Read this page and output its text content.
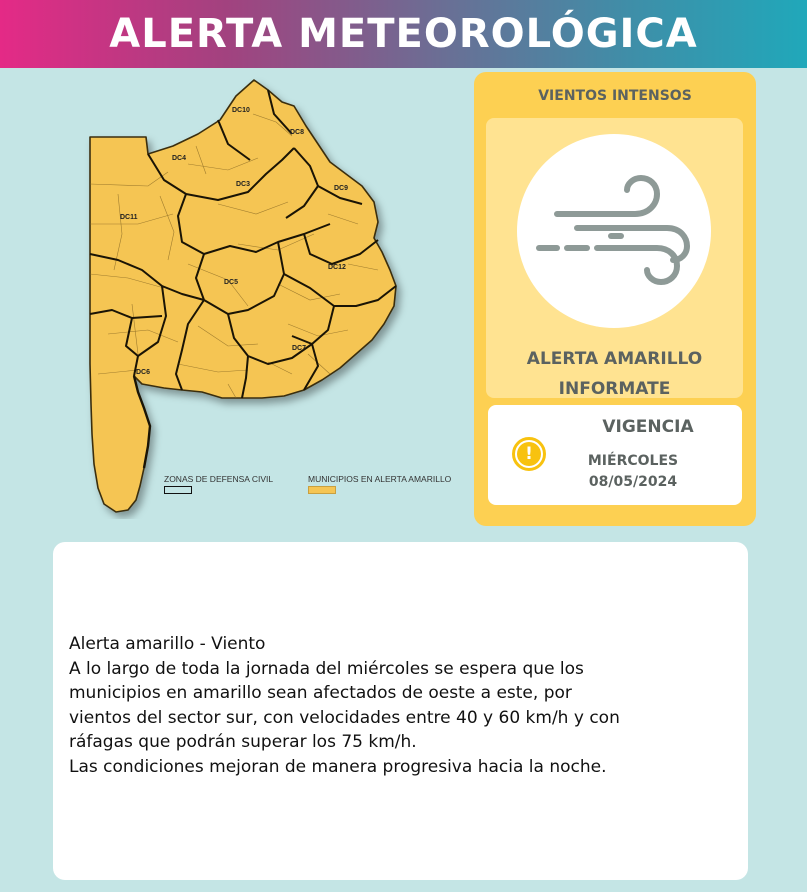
ALERTA METEOROLÓGICA
DC10
DC8
DC4
DC3
DC9
DC11
DC12
DC5
DC7
DC6
ZONAS DE DEFENSA CIVIL	MUNICIPIOS EN ALERTA AMARILLO
VIENTOS INTENSOS
ALERTA AMARILLO
INFORMATE
!
VIGENCIA
MIÉRCOLES
08/05/2024
Alerta amarillo - Viento
A lo largo de toda la jornada del miércoles se espera que los
municipios en amarillo sean afectados de oeste a este, por
vientos del sector sur, con velocidades entre 40 y 60 km/h y con
ráfagas que podrán superar los 75 km/h.
Las condiciones mejoran de manera progresiva hacia la noche.
